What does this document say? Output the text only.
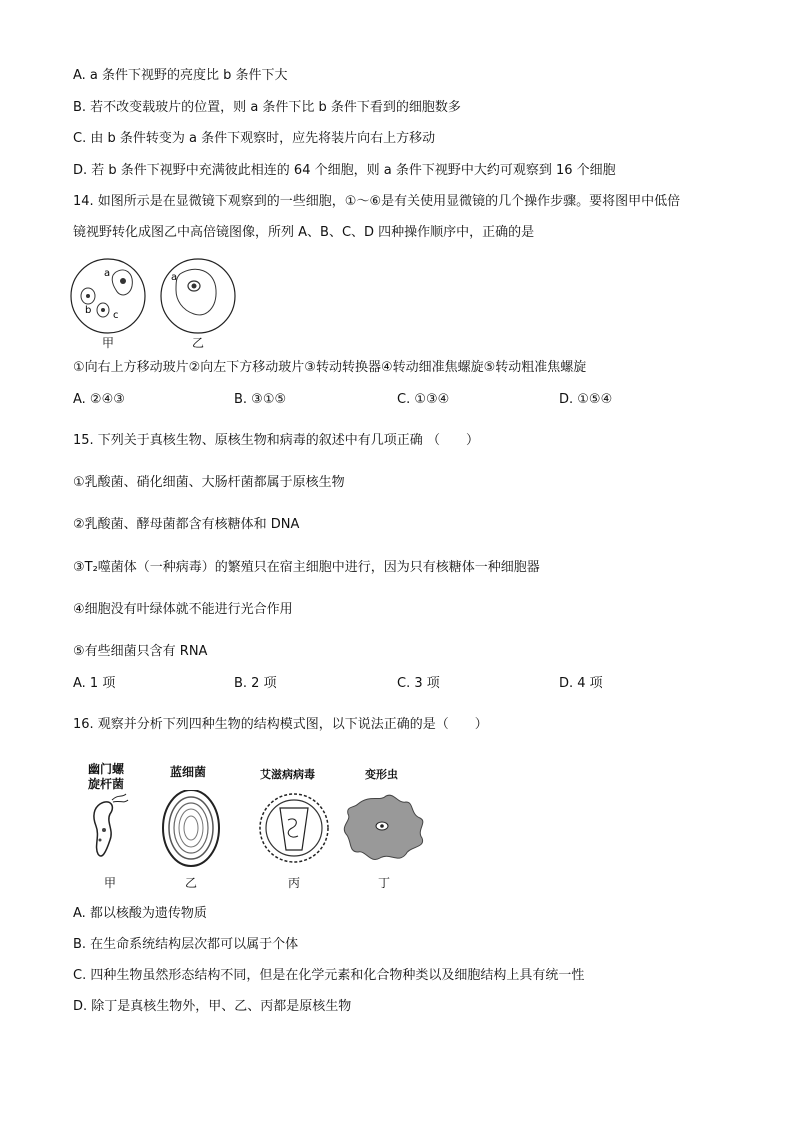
A. a 条件下视野的亮度比 b 条件下大
B. 若不改变载玻片的位置，则 a 条件下比 b 条件下看到的细胞数多
C. 由 b 条件转变为 a 条件下观察时，应先将装片向右上方移动
D. 若 b 条件下视野中充满彼此相连的 64 个细胞，则 a 条件下视野中大约可观察到 16 个细胞
14. 如图所示是在显微镜下观察到的一些细胞，①～⑥是有关使用显微镜的几个操作步骤。要将图甲中低倍
镜视野转化成图乙中高倍镜图像，所列 A、B、C、D 四种操作顺序中，正确的是
a
b c
a
甲	乙
①向右上方移动玻片②向左下方移动玻片③转动转换器④转动细准焦螺旋⑤转动粗准焦螺旋
A. ②④③	B. ③①⑤	C. ①③④	D. ①⑤④
15. 下列关于真核生物、原核生物和病毒的叙述中有几项正确 （　　）
①乳酸菌、硝化细菌、大肠杆菌都属于原核生物
②乳酸菌、酵母菌都含有核糖体和 DNA
③T₂噬菌体（一种病毒）的繁殖只在宿主细胞中进行，因为只有核糖体一种细胞器
④细胞没有叶绿体就不能进行光合作用
⑤有些细菌只含有 RNA
A. 1 项	B. 2 项	C. 3 项	D. 4 项
16. 观察并分析下列四种生物的结构模式图，以下说法正确的是（　　）
幽门螺
旋杆菌
蓝细菌	艾滋病病毒	变形虫
甲	乙	丙	丁
A. 都以核酸为遗传物质
B. 在生命系统结构层次都可以属于个体
C. 四种生物虽然形态结构不同，但是在化学元素和化合物种类以及细胞结构上具有统一性
D. 除丁是真核生物外，甲、乙、丙都是原核生物
